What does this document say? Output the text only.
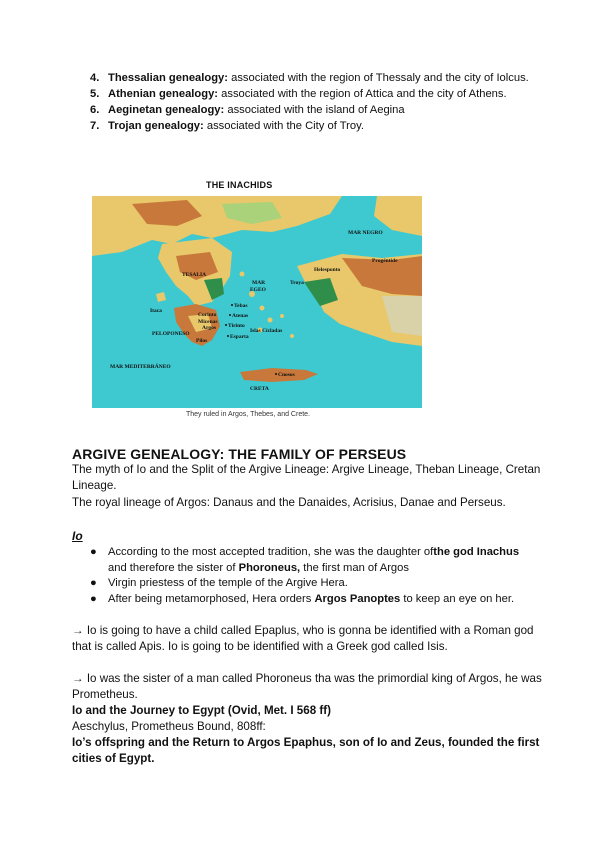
4. Thessalian genealogy: associated with the region of Thessaly and the city of Iolcus.
5. Athenian genealogy: associated with the region of Attica and the city of Athens.
6. Aeginetan genealogy: associated with the island of Aegina
7. Trojan genealogy: associated with the City of Troy.
THE INACHIDS
MAR NEGRO
Progéntide
Helesponto
Troya
TESALIA
MAR
EGEO
Itaca
Tebas
Corinto	Atenas
Micenas
Argos Tirinto
PELOPONESO	Esparta
Pilos
Islas Cícladas
MAR MEDITERRÁNEO
Cnosos
CRETA
They ruled in Argos, Thebes, and Crete.
ARGIVE GENEALOGY: THE FAMILY OF PERSEUS
The myth of Io and the Split of the Argive Lineage: Argive Lineage, Theban Lineage, Cretan Lineage.
The royal lineage of Argos: Danaus and the Danaides, Acrisius, Danae and Perseus.
Io
● According to the most accepted tradition, she was the daughter ofthe god Inachus and therefore the sister of Phoroneus, the first man of Argos
● Virgin priestess of the temple of the Argive Hera.
● After being metamorphosed, Hera orders Argos Panoptes to keep an eye on her.
→ Io is going to have a child called Epaplus, who is gonna be identified with a Roman god that is called Apis. Io is going to be identified with a Greek god called Isis.
→ Io was the sister of a man called Phoroneus tha was the primordial king of Argos, he was Prometheus.
Io and the Journey to Egypt (Ovid, Met. I 568 ff)
Aeschylus, Prometheus Bound, 808ff:
Io’s offspring and the Return to Argos Epaphus, son of Io and Zeus, founded the first cities of Egypt.
